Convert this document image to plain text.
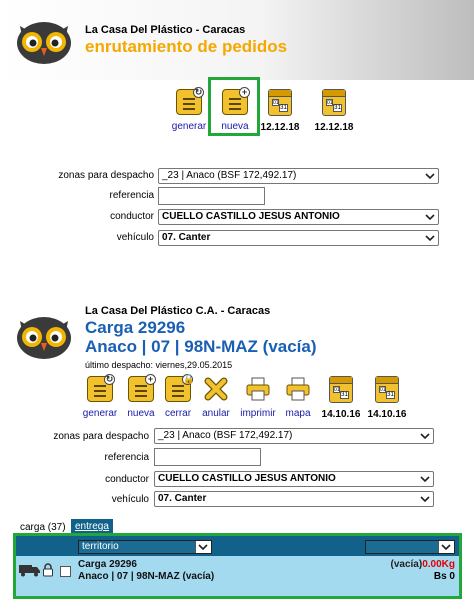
La Casa Del Plástico - Caracas
enrutamiento de pedidos
↻
generar
+
nueva
01
31
12.12.18
01
31
12.12.18
zonas para despacho _23 | Anaco (BSF 172,492.17)
referencia
conductor CUELLO CASTILLO JESUS ANTONIO
vehículo 07. Canter
La Casa Del Plástico C.A. - Caracas
Carga 29296
Anaco | 07 | 98N-MAZ (vacía)
último despacho: viernes,29.05.2015
↻
generar
+
nueva
🔒
cerrar	anular	imprimir mapa
01
31
14.10.16
01
31
14.10.16
zonas para despacho _23 | Anaco (BSF 172,492.17)
referencia
conductor CUELLO CASTILLO JESUS ANTONIO
vehículo 07. Canter
carga (37) entrega
territorio
Carga 29296
Anaco | 07 | 98N-MAZ (vacía)
(vacía)0.00Kg
Bs 0
